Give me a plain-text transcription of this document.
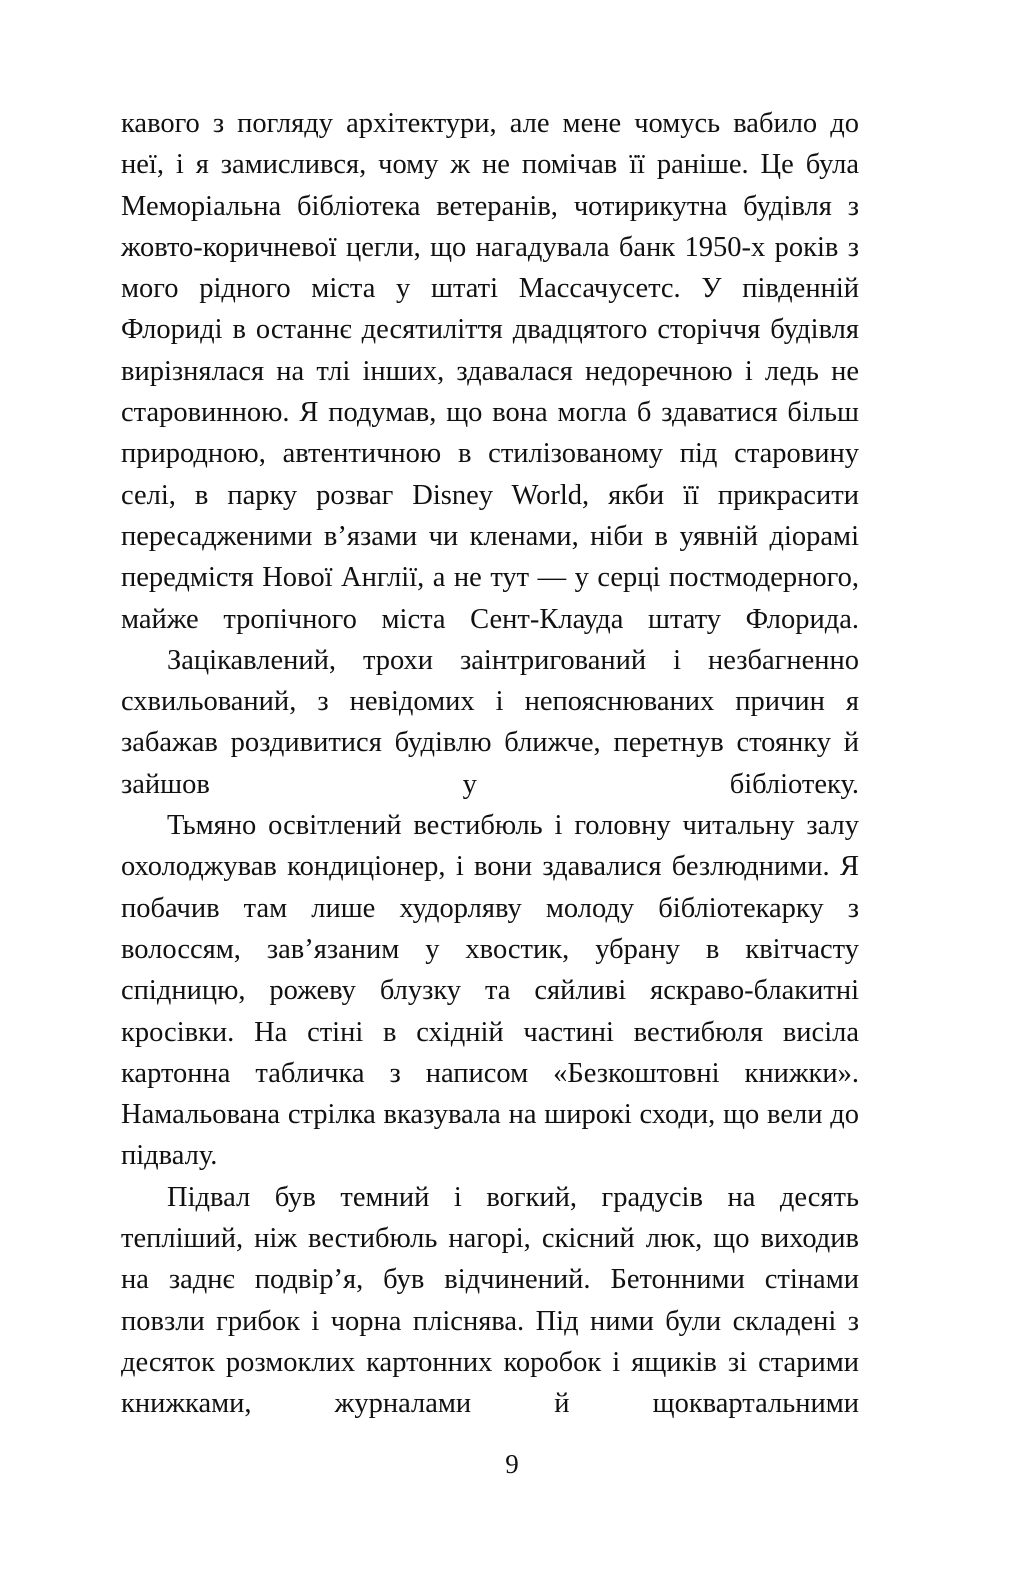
кавого з погляду архітектури, але мене чомусь вабило до неї, і я замислився, чому ж не помічав її раніше. Це була Меморіальна бібліотека ветеранів, чотирикутна будівля з жовто-коричневої цегли, що нагадувала банк 1950-х років з мого рідного міста у штаті Массачусетс. У південній Флориді в останнє десятиліття двадцятого сторіччя будівля вирізнялася на тлі інших, здавалася недоречною і ледь не старовинною. Я подумав, що вона могла б здаватися більш природною, автентичною в стилізованому під старовину селі, в парку розваг Disney World, якби її прикрасити пересадженими в’язами чи кленами, ніби в уявній діорамі передмістя Нової Англії, а не тут — у серці постмодерного, майже тропічного міста Сент-Клауда штату Флорида.

Зацікавлений, трохи заінтригований і незбагненно схвильований, з невідомих і непояснюваних причин я забажав роздивитися будівлю ближче, перетнув стоянку й зайшов у бібліотеку.

Тьмяно освітлений вестибюль і головну читальну залу охолоджував кондиціонер, і вони здавалися безлюдними. Я побачив там лише худорляву молоду бібліотекарку з волоссям, зав’язаним у хвостик, убрану в квітчасту спідницю, рожеву блузку та сяйливі яскраво-блакитні кросівки. На стіні в східній частині вестибюля висіла картонна табличка з написом «Безкоштовні книжки». Намальована стрілка вказувала на широкі сходи, що вели до підвалу.

Підвал був темний і вогкий, градусів на десять тепліший, ніж вестибюль нагорі, скісний люк, що виходив на заднє подвір’я, був відчинений. Бетонними стінами повзли грибок і чорна пліснява. Під ними були складені з десяток розмоклих картонних коробок і ящиків зі старими книжками, журналами й щоквартальними

9
